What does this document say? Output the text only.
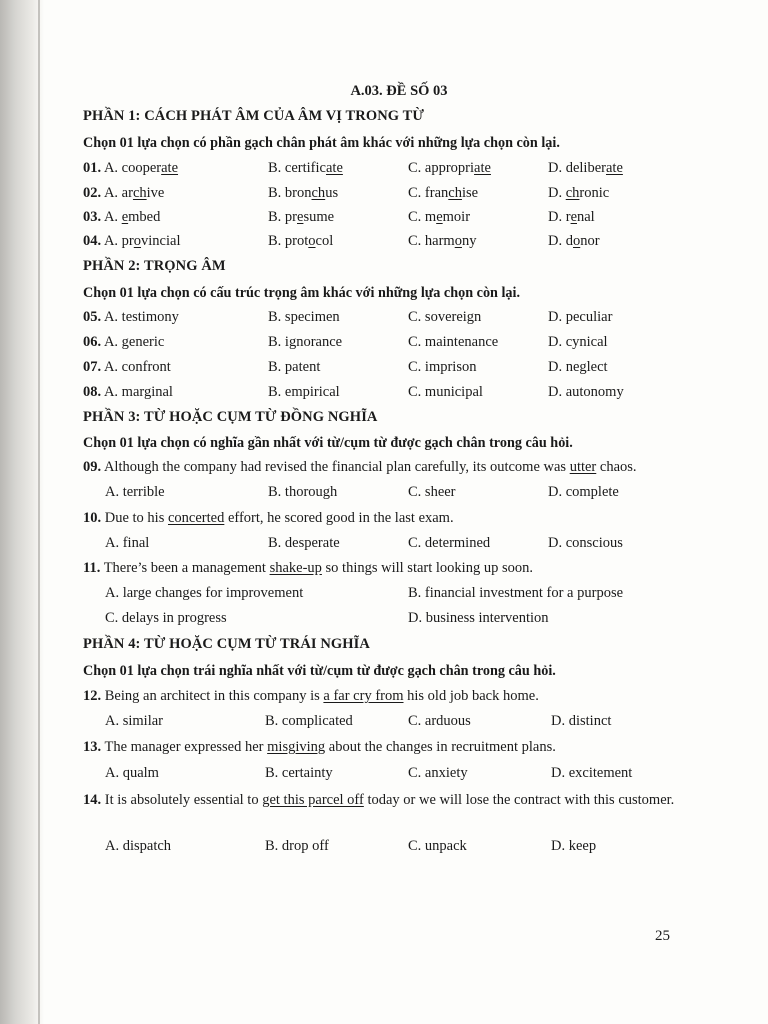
A.03. ĐỀ SỐ 03
PHẦN 1: CÁCH PHÁT ÂM CỦA ÂM VỊ TRONG TỪ
Chọn 01 lựa chọn có phần gạch chân phát âm khác với những lựa chọn còn lại.
01. A. cooperate	B. certificate	C. appropriate	D. deliberate
02. A. archive	B. bronchus	C. franchise	D. chronic
03. A. embed	B. presume	C. memoir	D. renal
04. A. provincial	B. protocol	C. harmony	D. donor
PHẦN 2: TRỌNG ÂM
Chọn 01 lựa chọn có cấu trúc trọng âm khác với những lựa chọn còn lại.
05. A. testimony	B. specimen	C. sovereign	D. peculiar
06. A. generic	B. ignorance	C. maintenance	D. cynical
07. A. confront	B. patent	C. imprison	D. neglect
08. A. marginal	B. empirical	C. municipal	D. autonomy
PHẦN 3: TỪ HOẶC CỤM TỪ ĐỒNG NGHĨA
Chọn 01 lựa chọn có nghĩa gần nhất với từ/cụm từ được gạch chân trong câu hỏi.
09. Although the company had revised the financial plan carefully, its outcome was utter chaos.
A. terrible	B. thorough	C. sheer	D. complete
10. Due to his concerted effort, he scored good in the last exam.
A. final	B. desperate	C. determined	D. conscious
11. There’s been a management shake-up so things will start looking up soon.
A. large changes for improvement	B. financial investment for a purpose
C. delays in progress	D. business intervention
PHẦN 4: TỪ HOẶC CỤM TỪ TRÁI NGHĨA
Chọn 01 lựa chọn trái nghĩa nhất với từ/cụm từ được gạch chân trong câu hỏi.
12. Being an architect in this company is a far cry from his old job back home.
A. similar	B. complicated	C. arduous	D. distinct
13. The manager expressed her misgiving about the changes in recruitment plans.
A. qualm	B. certainty	C. anxiety	D. excitement
14. It is absolutely essential to get this parcel off today or we will lose the contract with this customer.
A. dispatch	B. drop off	C. unpack	D. keep
25
